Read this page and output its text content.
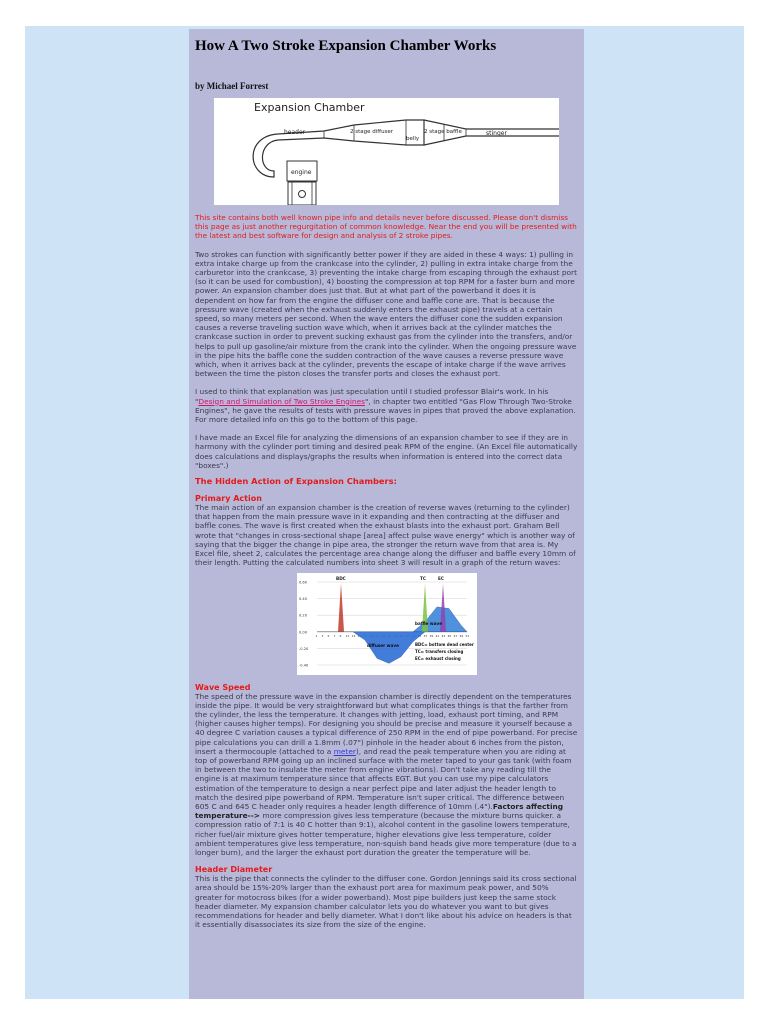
How A Two Stroke Expansion Chamber Works
by Michael Forrest
Expansion Chamber
header	2 stage diffuser
belly
2 stage baffle	stinger
engine

This site contains both well known pipe info and details never before discussed. Please don't dismiss this page as just another regurgitation of common knowledge. Near the end you will be presented with the latest and best software for design and analysis of 2 stroke pipes.

Two strokes can function with significantly better power if they are aided in these 4 ways: 1) pulling in extra intake charge up from the crankcase into the cylinder, 2) pulling in extra intake charge from the carburetor into the crankcase, 3) preventing the intake charge from escaping through the exhaust port (so it can be used for combustion), 4) boosting the compression at top RPM for a faster burn and more power. An expansion chamber does just that. But at what part of the powerband it does it is dependent on how far from the engine the diffuser cone and baffle cone are. That is because the pressure wave (created when the exhaust suddenly enters the exhaust pipe) travels at a certain speed, so many meters per second. When the wave enters the diffuser cone the sudden expansion causes a reverse traveling suction wave which, when it arrives back at the cylinder matches the crankcase suction in order to prevent sucking exhaust gas from the cylinder into the transfers, and/or helps to pull up gasoline/air mixture from the crank into the cylinder. When the ongoing pressure wave in the pipe hits the baffle cone the sudden contraction of the wave causes a reverse pressure wave which, when it arrives back at the cylinder, prevents the escape of intake charge if the wave arrives between the time the piston closes the transfer ports and closes the exhaust port.

I used to think that explanation was just speculation until I studied professor Blair's work. In his "Design and Simulation of Two Stroke Engines", in chapter two entitled "Gas Flow Through Two-Stroke Engines", he gave the results of tests with pressure waves in pipes that proved the above explanation. For more detailed info on this go to the bottom of this page.

I have made an Excel file for analyzing the dimensions of an expansion chamber to see if they are in harmony with the cylinder port timing and desired peak RPM of the engine. (An Excel file automatically does calculations and displays/graphs the results when information is entered into the correct data "boxes".)

The Hidden Action of Expansion Chambers:
Primary Action

The main action of an expansion chamber is the creation of reverse waves (returning to the cylinder) that happen from the main pressure wave in it expanding and then contracting at the diffuser and baffle cones. The wave is first created when the exhaust blasts into the exhaust port. Graham Bell wrote that "changes in cross-sectional shape [area] affect pulse wave energy" which is another way of saying that the bigger the change in pipe area, the stronger the return wave from that area is. My Excel file, sheet 2, calculates the percentage area change along the diffuser and baffle every 10mm of their length. Putting the calculated numbers into sheet 3 will result in a graph of the return waves:

0.60
0.40
0.20
0.00
-0.20
-0.40
1 3 5 7 9 11 13	37 39 41 43 45 47 49 51
BDC	TC	EC
diffuser wave
baffle wave
BDC= bottom dead center
TC= transfers closing
EC= exhaust closing
Wave Speed

The speed of the pressure wave in the expansion chamber is directly dependent on the temperatures inside the pipe. It would be very straightforward but what complicates things is that the farther from the cylinder, the less the temperature. It changes with jetting, load, exhaust port timing, and RPM (higher causes higher temps). For designing you should be precise and measure it yourself because a 40 degree C variation causes a typical difference of 250 RPM in the end of pipe powerband. For precise pipe calculations you can drill a 1.8mm (.07") pinhole in the header about 6 inches from the piston, insert a thermocouple (attached to a meter), and read the peak temperature when you are riding at top of powerband RPM going up an inclined surface with the meter taped to your gas tank (with foam in between the two to insulate the meter from engine vibrations). Don't take any reading till the engine is at maximum temperature since that affects EGT. But you can use my pipe calculators estimation of the temperature to design a near perfect pipe and later adjust the header length to match the desired pipe powerband of RPM. Temperature isn't super critical. The difference between 605 C and 645 C header only requires a header length difference of 10mm (.4").Factors affecting temperature--> more compression gives less temperature (because the mixture burns quicker. a compression ratio of 7:1 is 40 C hotter than 9:1), alcohol content in the gasoline lowers temperature, richer fuel/air mixture gives hotter temperature, higher elevations give less temperature, colder ambient temperatures give less temperature, non-squish band heads give more temperature (due to a longer burn), and the larger the exhaust port duration the greater the temperature will be.

Header Diameter

This is the pipe that connects the cylinder to the diffuser cone. Gordon Jennings said its cross sectional area should be 15%-20% larger than the exhaust port area for maximum peak power, and 50% greater for motocross bikes (for a wider powerband). Most pipe builders just keep the same stock header diameter. My expansion chamber calculator lets you do whatever you want to but gives recommendations for header and belly diameter. What I don't like about his advice on headers is that it essentially disassociates its size from the size of the engine.
